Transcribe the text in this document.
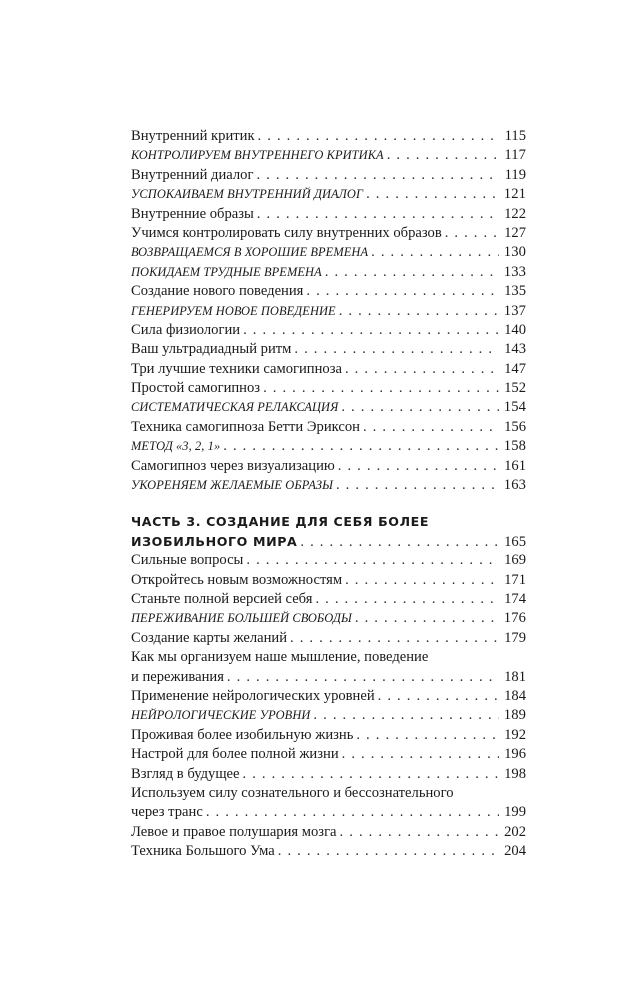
Внутренний критик . . .	115
КОНТРОЛИРУЕМ ВНУТРЕННЕГО КРИТИКА . . .	117
Внутренний диалог . . .	119
УСПОКАИВАЕМ ВНУТРЕННИЙ ДИАЛОГ . . .	121
Внутренние образы . . .	122
Учимся контролировать силу внутренних образов . . .	127
ВОЗВРАЩАЕМСЯ В ХОРОШИЕ ВРЕМЕНА . . .	130
ПОКИДАЕМ ТРУДНЫЕ ВРЕМЕНА . . .	133
Создание нового поведения . . .	135
ГЕНЕРИРУЕМ НОВОЕ ПОВЕДЕНИЕ . . .	137
Сила физиологии . . .	140
Ваш ультрадиадный ритм . . .	143
Три лучшие техники самогипноза . . .	147
Простой самогипноз . . .	152
СИСТЕМАТИЧЕСКАЯ РЕЛАКСАЦИЯ . . .	154
Техника самогипноза Бетти Эриксон . . .	156
МЕТОД «3, 2, 1» . . .	158
Самогипноз через визуализацию . . .	161
УКОРЕНЯЕМ ЖЕЛАЕМЫЕ ОБРАЗЫ . . .	163
ЧАСТЬ 3. СОЗДАНИЕ ДЛЯ СЕБЯ БОЛЕЕ
ИЗОБИЛЬНОГО МИРА . . .	165
Сильные вопросы . . .	169
Откройтесь новым возможностям . . .	171
Станьте полной версией себя . . .	174
ПЕРЕЖИВАНИЕ БОЛЬШЕЙ СВОБОДЫ . . .	176
Создание карты желаний . . .	179
Как мы организуем наше мышление, поведение
и переживания . . .	181
Применение нейрологических уровней . . .	184
НЕЙРОЛОГИЧЕСКИЕ УРОВНИ . . .	189
Проживая более изобильную жизнь . . .	192
Настрой для более полной жизни . . .	196
Взгляд в будущее . . .	198
Используем силу сознательного и бессознательного
через транс . . .	199
Левое и правое полушария мозга . . .	202
Техника Большого Ума . . .	204
